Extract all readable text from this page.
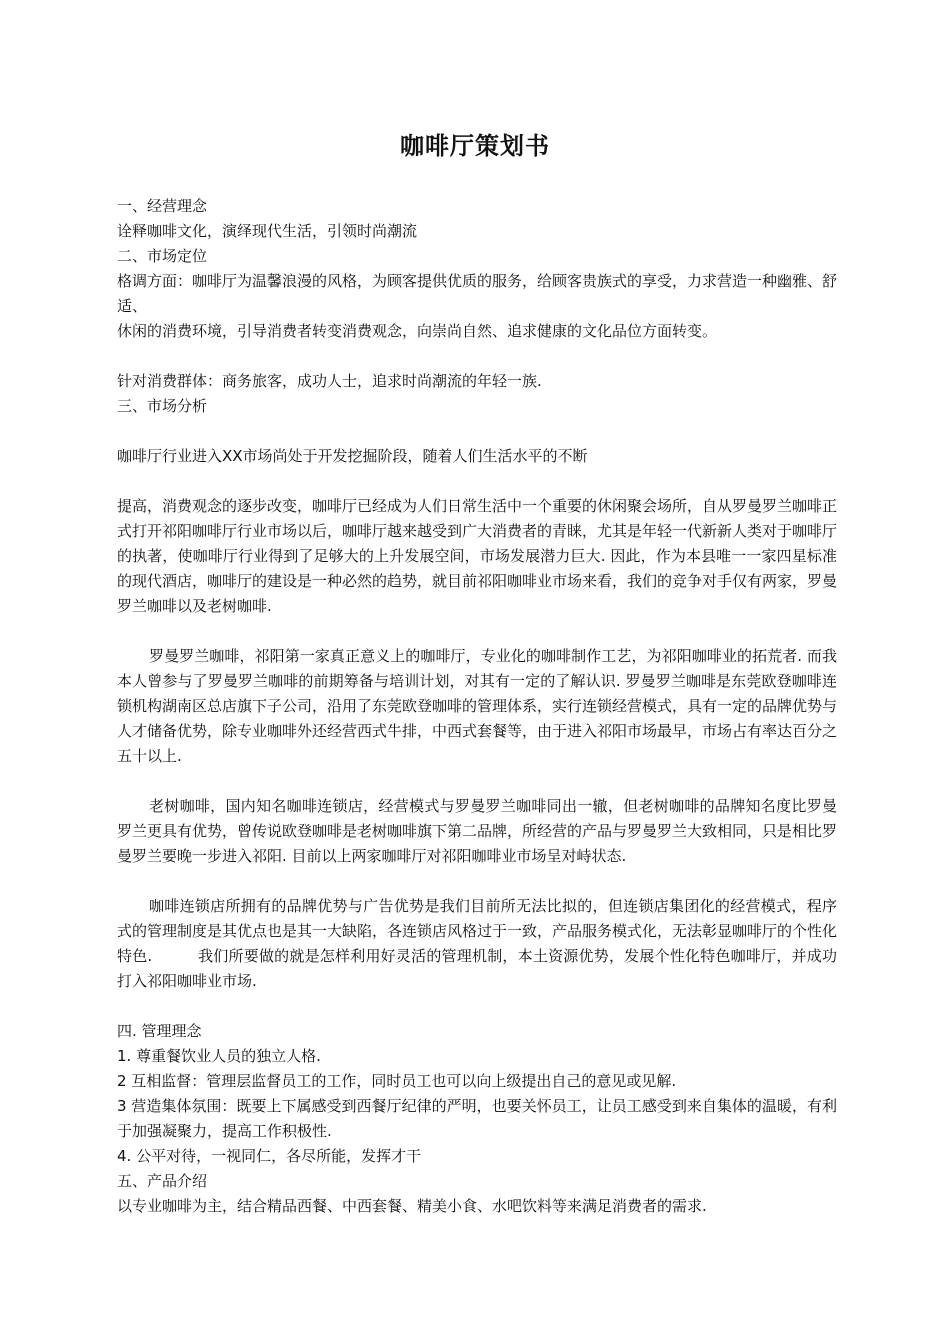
咖啡厅策划书
一、经营理念
诠释咖啡文化，演绎现代生活，引领时尚潮流
二、市场定位
格调方面：咖啡厅为温馨浪漫的风格，为顾客提供优质的服务，给顾客贵族式的享受，力求营造一种幽雅、舒适、
休闲的消费环境，引导消费者转变消费观念，向崇尚自然、追求健康的文化品位方面转变。
针对消费群体：商务旅客，成功人士，追求时尚潮流的年轻一族.
三、市场分析
咖啡厅行业进入XX市场尚处于开发挖掘阶段，随着人们生活水平的不断
提高，消费观念的逐步改变，咖啡厅已经成为人们日常生活中一个重要的休闲聚会场所，自从罗曼罗兰咖啡正式打开祁阳咖啡厅行业市场以后，咖啡厅越来越受到广大消费者的青睐，尤其是年轻一代新新人类对于咖啡厅的执著，使咖啡厅行业得到了足够大的上升发展空间，市场发展潜力巨大. 因此，作为本县唯一一家四星标准的现代酒店，咖啡厅的建设是一种必然的趋势，就目前祁阳咖啡业市场来看，我们的竞争对手仅有两家，罗曼罗兰咖啡以及老树咖啡.
罗曼罗兰咖啡，祁阳第一家真正意义上的咖啡厅，专业化的咖啡制作工艺，为祁阳咖啡业的拓荒者. 而我本人曾参与了罗曼罗兰咖啡的前期筹备与培训计划，对其有一定的了解认识. 罗曼罗兰咖啡是东莞欧登咖啡连锁机构湖南区总店旗下子公司，沿用了东莞欧登咖啡的管理体系，实行连锁经营模式，具有一定的品牌优势与人才储备优势，除专业咖啡外还经营西式牛排，中西式套餐等，由于进入祁阳市场最早，市场占有率达百分之五十以上.
老树咖啡，国内知名咖啡连锁店，经营模式与罗曼罗兰咖啡同出一辙，但老树咖啡的品牌知名度比罗曼罗兰更具有优势，曾传说欧登咖啡是老树咖啡旗下第二品牌，所经营的产品与罗曼罗兰大致相同，只是相比罗曼罗兰要晚一步进入祁阳. 目前以上两家咖啡厅对祁阳咖啡业市场呈对峙状态.
咖啡连锁店所拥有的品牌优势与广告优势是我们目前所无法比拟的，但连锁店集团化的经营模式，程序式的管理制度是其优点也是其一大缺陷，各连锁店风格过于一致，产品服务模式化，无法彰显咖啡厅的个性化特色.　　　我们所要做的就是怎样利用好灵活的管理机制，本土资源优势，发展个性化特色咖啡厅，并成功打入祁阳咖啡业市场.
四. 管理理念
1. 尊重餐饮业人员的独立人格.
2 互相监督：管理层监督员工的工作，同时员工也可以向上级提出自己的意见或见解.
3 营造集体氛围：既要上下属感受到西餐厅纪律的严明，也要关怀员工，让员工感受到来自集体的温暖，有利于加强凝聚力，提高工作积极性.
4. 公平对待，一视同仁，各尽所能，发挥才干
五、产品介绍
以专业咖啡为主，结合精品西餐、中西套餐、精美小食、水吧饮料等来满足消费者的需求.
